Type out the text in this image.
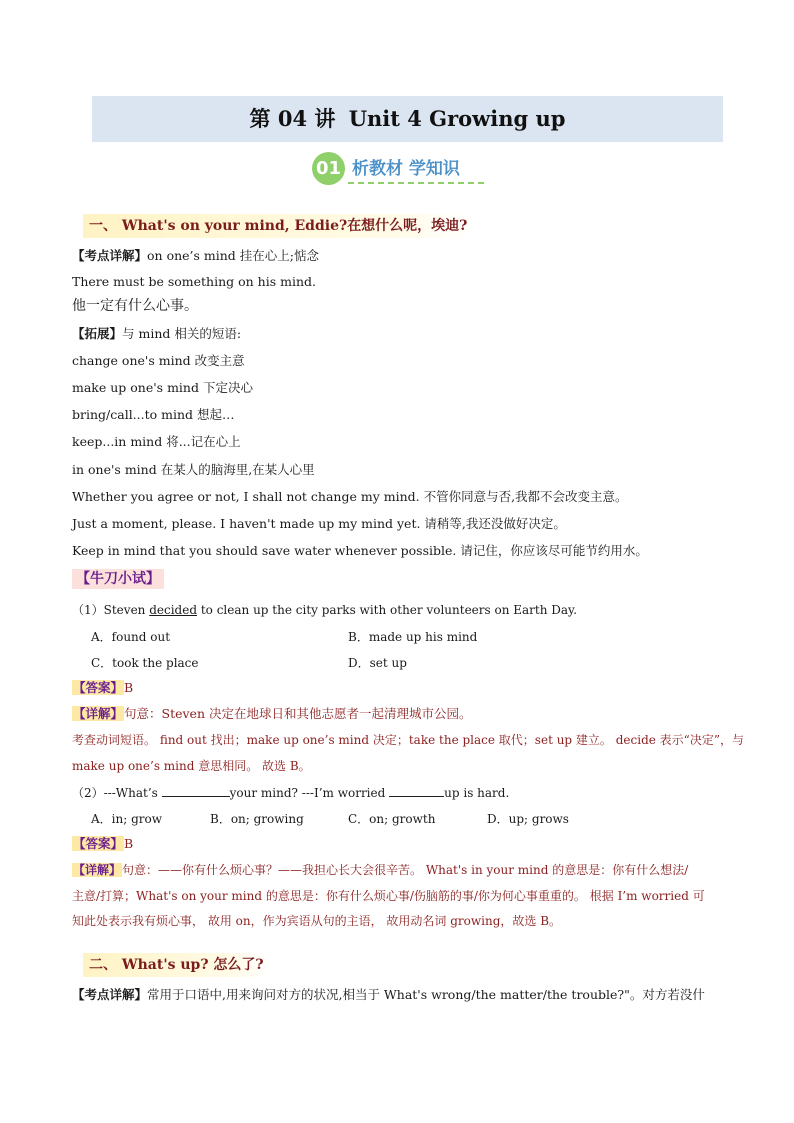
第 04 讲 Unit 4 Growing up
01 析教材 学知识
一、 What's on your mind, Eddie?在想什么呢，埃迪?
【考点详解】on one’s mind 挂在心上;惦念
There must be something on his mind.
他一定有什么心事。
【拓展】与 mind 相关的短语:
change one's mind 改变主意
make up one's mind 下定决心
bring/call...to mind 想起…
keep...in mind 将...记在心上
in one's mind 在某人的脑海里,在某人心里
Whether you agree or not, I shall not change my mind. 不管你同意与否,我都不会改变主意。
Just a moment, please. I haven't made up my mind yet. 请稍等,我还没做好决定。
Keep in mind that you should save water whenever possible. 请记住，你应该尽可能节约用水。
【牛刀小试】
（1）Steven decided to clean up the city parks with other volunteers on Earth Day.
A．found out	B．made up his mind
C．took the place	D．set up
【答案】B
【详解】句意：Steven 决定在地球日和其他志愿者一起清理城市公园。
考查动词短语。 find out 找出；make up one’s mind 决定；take the place 取代；set up 建立。 decide 表示“决定”，与
make up one’s mind 意思相同。 故选 B。
（2）---What’s	your mind? ---I’m worried	up is hard.
A．in; grow	B．on; growing	C．on; growth	D．up; grows
【答案】B
【详解】句意：——你有什么烦心事？——我担心长大会很辛苦。 What's in your mind 的意思是：你有什么想法/
主意/打算；What's on your mind 的意思是：你有什么烦心事/伤脑筋的事/你为何心事重重的。 根据 I’m worried 可
知此处表示我有烦心事， 故用 on，作为宾语从句的主语， 故用动名词 growing，故选 B。
二、 What's up? 怎么了?
【考点详解】常用于口语中,用来询问对方的状况,相当于 What's wrong/the matter/the trouble?"。对方若没什
